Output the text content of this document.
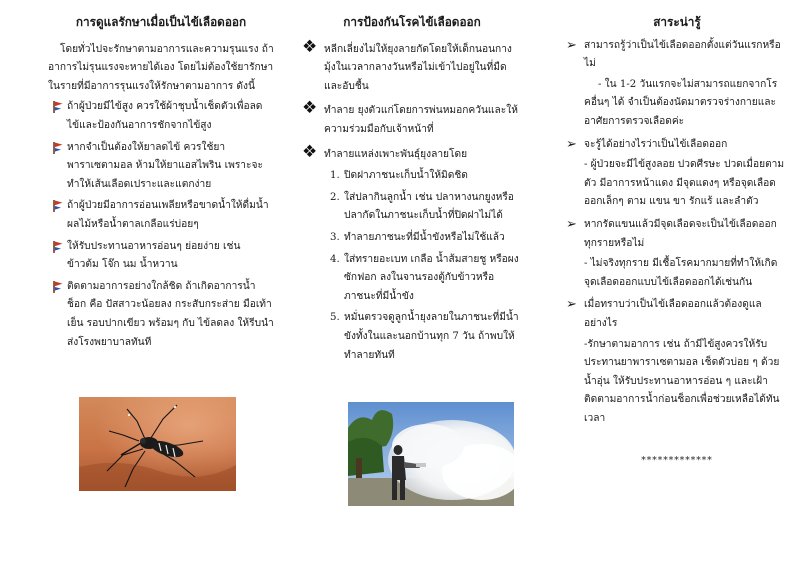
การดูแลรักษาเมื่อเป็นไข้เลือดออก

โดยทั่วไปจะรักษาตามอาการและความรุนแรง ถ้าอาการไม่รุนแรงจะหายได้เอง โดยไม่ต้องใช้ยารักษา ในรายที่มีอาการรุนแรงให้รักษาตามอาการ ดังนี้

ถ้าผู้ป่วยมีไข้สูง ควรใช้ผ้าชุบน้ำเช็ดตัวเพื่อลดไข้และป้องกันอาการชักจากไข้สูง
หากจำเป็นต้องให้ยาลดไข้ ควรใช้ยาพาราเซตามอล ห้ามให้ยาแอสไพริน เพราะจะทำให้เส้นเลือดเปราะและแตกง่าย
ถ้าผู้ป่วยมีอาการอ่อนเพลียหรือขาดน้ำให้ดื่มน้ำผลไม้หรือน้ำตาลเกลือแร่บ่อยๆ
ให้รับประทานอาหารอ่อนๆ ย่อยง่าย เช่น ข้าวต้ม โจ๊ก นม น้ำหวาน
ติดตามอาการอย่างใกล้ชิด ถ้าเกิดอาการน้ำช็อก คือ ปัสสาวะน้อยลง กระสับกระส่าย มือเท้าเย็น รอบปากเขียว พร้อมๆ กับ ไข้ลดลง ให้รีบนำส่งโรงพยาบาลทันที
การป้องกันโรคไข้เลือดออก
❖ หลีกเลี่ยงไม่ให้ยุงลายกัดโดยให้เด็กนอนกางมุ้งในเวลากลางวันหรือไม่เข้าไปอยู่ในที่มืดและอับชื้น
❖ ทำลาย ยุงตัวแก่โดยการพ่นหมอกควันและให้ความร่วมมือกับเจ้าหน้าที่
❖ ทำลายแหล่งเพาะพันธุ์ยุงลายโดย
1. ปิดฝาภาชนะเก็บน้ำให้มิดชิด
2. ใส่ปลากินลูกน้ำ เช่น ปลาหางนกยูงหรือปลากัดในภาชนะเก็บน้ำที่ปิดฝาไม่ได้
3. ทำลายภาชนะที่มีน้ำขังหรือไม่ใช้แล้ว
4. ใส่ทรายอะเบท เกลือ น้ำส้มสายชู หรือผง ซักฟอก ลงในจานรองตู้กับข้าวหรือภาชนะที่มีน้ำขัง
5. หมั่นตรวจดูลูกน้ำยุงลายในภาชนะที่มีน้ำขังทั้งในและนอกบ้านทุก 7 วัน ถ้าพบให้ทำลายทันที
สาระน่ารู้
➢ สามารถรู้ว่าเป็นไข้เลือดออกตั้งแต่วันแรกหรือไม่

- ใน 1-2 วันแรกจะไม่สามารถแยกจากโรคอื่นๆ ได้ จำเป็นต้องนัดมาตรวจร่างกายและอาศัยการตรวจเลือดค่ะ

➢ จะรู้ได้อย่างไรว่าเป็นไข้เลือดออก

- ผู้ป่วยจะมีไข้สูงลอย ปวดศีรษะ ปวดเมื่อยตามตัว มีอาการหน้าแดง มีจุดแดงๆ หรือจุดเลือดออกเล็กๆ ตาม แขน ขา รักแร้ และลำตัว

➢ หากรัดแขนแล้วมีจุดเลือดจะเป็นไข้เลือดออกทุกรายหรือไม่

- ไม่จริงทุกราย มีเชื้อโรคมากมายที่ทำให้เกิดจุดเลือดออกแบบไข้เลือดออกได้เช่นกัน

➢ เมื่อทราบว่าเป็นไข้เลือดออกแล้วต้องดูแลอย่างไร

-รักษาตามอาการ เช่น ถ้ามีไข้สูงควรให้รับประทานยาพาราเซตามอล เช็ดตัวบ่อย ๆ ด้วยน้ำอุ่น ให้รับประทานอาหารอ่อน ๆ และเฝ้าติดตามอาการน้ำก่อนช็อกเพื่อช่วยเหลือได้ทันเวลา

*************
